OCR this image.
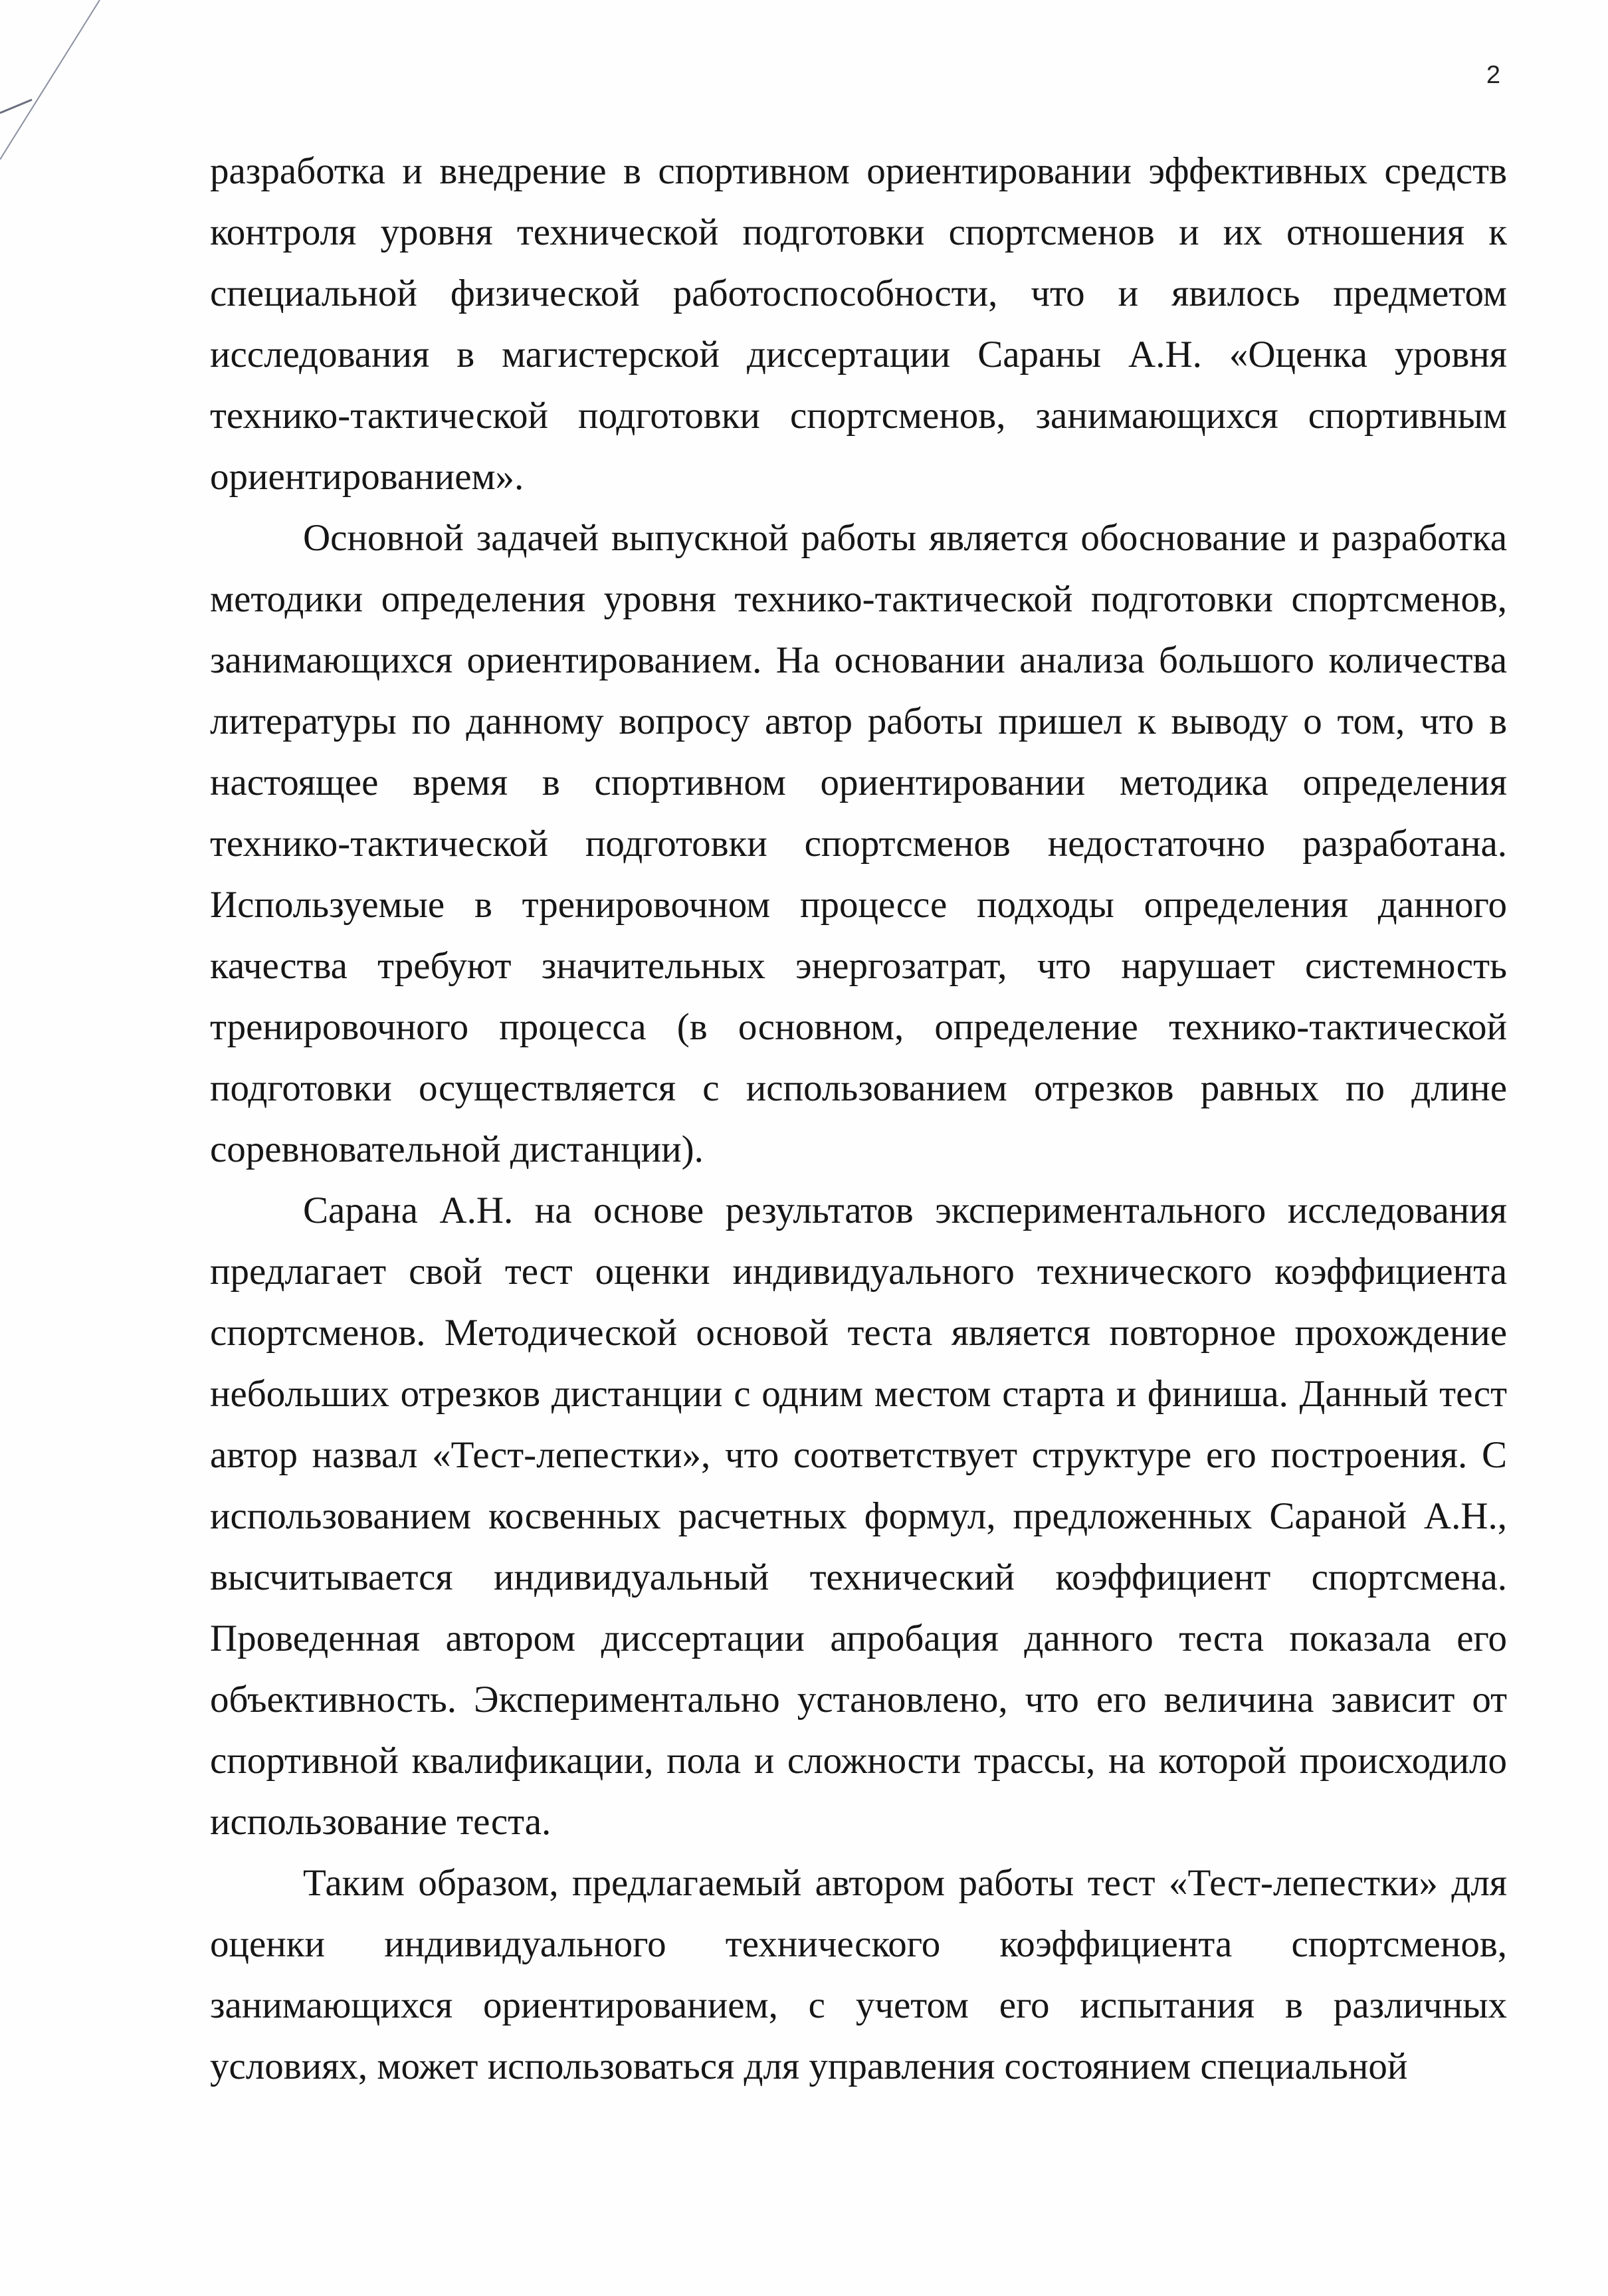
2

разработка и внедрение в спортивном ориентировании эффективных средств контроля уровня технической подготовки спортсменов и их отношения к специальной физической работоспособности, что и явилось предметом исследования в магистерской диссертации Сараны А.Н. «Оценка уровня технико-тактической подготовки спортсменов, занимающихся спортивным ориентированием».

Основной задачей выпускной работы является обоснование и разработка методики определения уровня технико-тактической подготовки спортсменов, занимающихся ориентированием. На основании анализа большого количества литературы по данному вопросу автор работы пришел к выводу о том, что в настоящее время в спортивном ориентировании методика определения технико-тактической подготовки спортсменов недостаточно разработана. Используемые в тренировочном процессе подходы определения данного качества требуют значительных энергозатрат, что нарушает системность тренировочного процесса (в основном, определение технико-тактической подготовки осуществляется с использованием отрезков равных по длине соревновательной дистанции).

Сарана А.Н. на основе результатов экспериментального исследования предлагает свой тест оценки индивидуального технического коэффициента спортсменов. Методической основой теста является повторное прохождение небольших отрезков дистанции с одним местом старта и финиша. Данный тест автор назвал «Тест-лепестки», что соответствует структуре его построения. С использованием косвенных расчетных формул, предложенных Сараной А.Н., высчитывается индивидуальный технический коэффициент спортсмена. Проведенная автором диссертации апробация данного теста показала его объективность. Экспериментально установлено, что его величина зависит от спортивной квалификации, пола и сложности трассы, на которой происходило использование теста.

Таким образом, предлагаемый автором работы тест «Тест-лепестки» для оценки индивидуального технического коэффициента спортсменов, занимающихся ориентированием, с учетом его испытания в различных условиях, может использоваться для управления состоянием специальной
